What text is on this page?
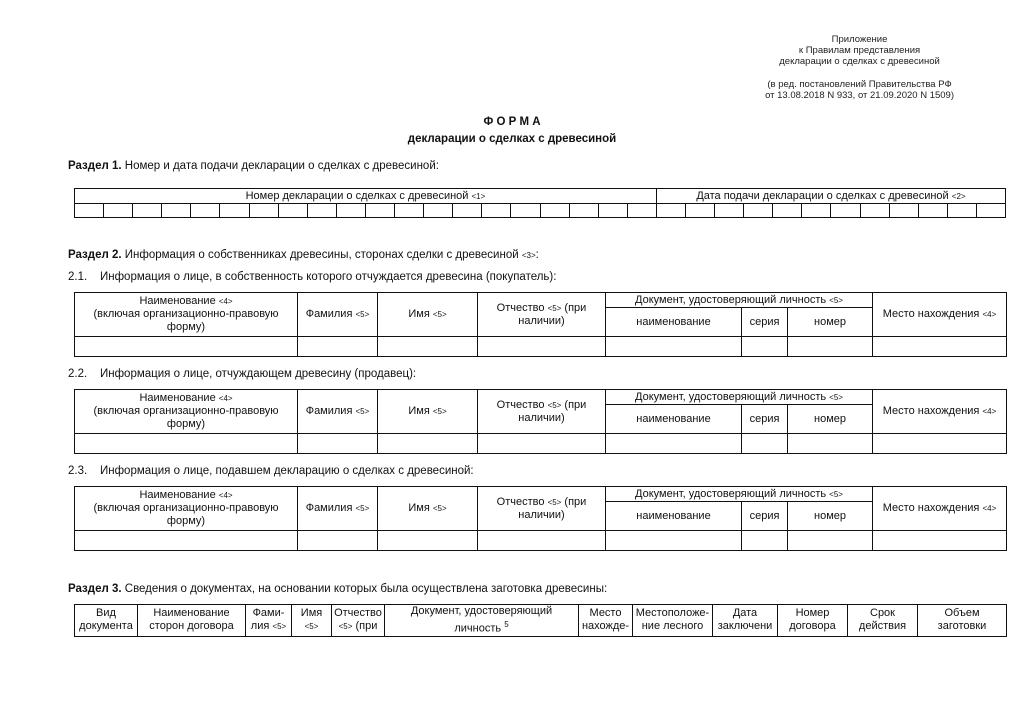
Приложение
к Правилам представления
декларации о сделках с древесиной
(в ред. постановлений Правительства РФ
от 13.08.2018 N 933, от 21.09.2020 N 1509)
Ф О Р М А
декларации о сделках с древесиной
Раздел 1. Номер и дата подачи декларации о сделках с древесиной:
Номер декларации о сделках с древесиной <1>																				Дата подачи декларации о сделках с древесиной <2>											

Раздел 2. Информация о собственниках древесины, сторонах сделки с древесиной <3>:
2.1. Информация о лице, в собственность которого отчуждается древесина (покупатель):
Наименование <4>
(включая организационно-правовую
форму)	Фамилия <5>	Имя <5>	Отчество <5> (при
наличии)	Документ, удостоверяющий личность <5>			Место нахождения <4>
				наименование	серия	номер	

2.2. Информация о лице, отчуждающем древесину (продавец):
Наименование <4>
(включая организационно-правовую
форму)	Фамилия <5>	Имя <5>	Отчество <5> (при
наличии)	Документ, удостоверяющий личность <5>			Место нахождения <4>
				наименование	серия	номер	

2.3. Информация о лице, подавшем декларацию о сделках с древесиной:
Наименование <4>
(включая организационно-правовую
форму)	Фамилия <5>	Имя <5>	Отчество <5> (при
наличии)	Документ, удостоверяющий личность <5>			Место нахождения <4>
				наименование	серия	номер	

Раздел 3. Сведения о документах, на основании которых была осуществлена заготовка древесины:
Вид
документа	Наименование
сторон договора	Фами-
лия <5>	Имя
<5>	Отчество
<5> (при	Документ, удостоверяющий
личность $^5$	Место
нахожде-	Местоположе-
ние лесного	Дата
заключени	Номер
договора	Срок
действия	Объем
заготовки
